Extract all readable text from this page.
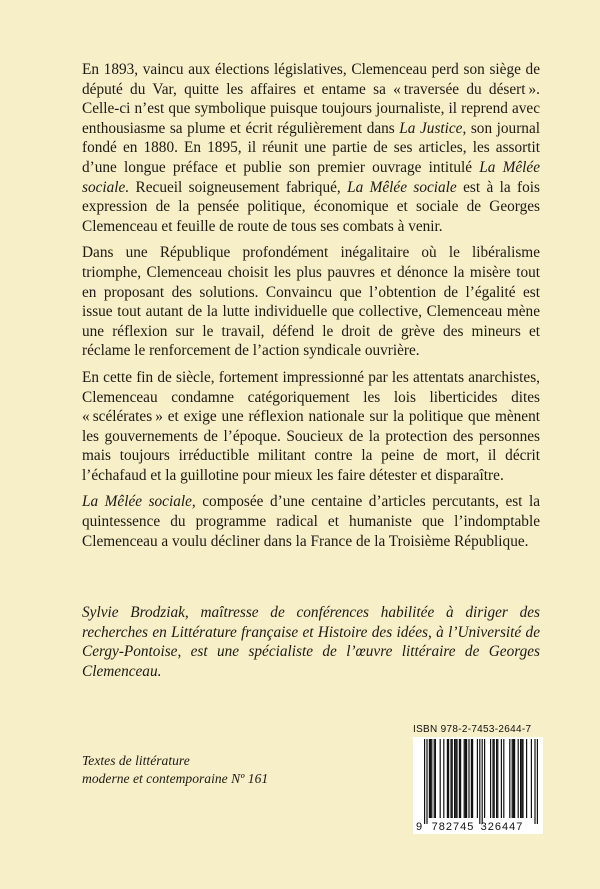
En 1893, vaincu aux élections législatives, Clemenceau perd son siège de député du Var, quitte les affaires et entame sa « traversée du désert ». Celle-ci n’est que symbolique puisque toujours journaliste, il reprend avec enthousiasme sa plume et écrit régulièrement dans La Justice, son journal fondé en 1880. En 1895, il réunit une partie de ses articles, les assortit d’une longue préface et publie son premier ouvrage intitulé La Mêlée sociale. Recueil soigneusement fabriqué, La Mêlée sociale est à la fois expression de la pensée politique, économique et sociale de Georges Clemenceau et feuille de route de tous ses combats à venir.

Dans une République profondément inégalitaire où le libéralisme triomphe, Clemenceau choisit les plus pauvres et dénonce la misère tout en proposant des solutions. Convaincu que l’obtention de l’égalité est issue tout autant de la lutte individuelle que collective, Clemenceau mène une réflexion sur le travail, défend le droit de grève des mineurs et réclame le renforcement de l’action syndicale ouvrière.

En cette fin de siècle, fortement impressionné par les attentats anarchistes, Clemenceau condamne catégoriquement les lois liberticides dites « scélérates » et exige une réflexion nationale sur la politique que mènent les gouvernements de l’époque. Soucieux de la protection des personnes mais toujours irréductible militant contre la peine de mort, il décrit l’échafaud et la guillotine pour mieux les faire détester et disparaître.

La Mêlée sociale, composée d’une centaine d’articles percutants, est la quintessence du programme radical et humaniste que l’indomptable Clemenceau a voulu décliner dans la France de la Troisième République.

Sylvie Brodziak, maîtresse de conférences habilitée à diriger des recherches en Littérature française et Histoire des idées, à l’Université de Cergy-Pontoise, est une spécialiste de l’œuvre littéraire de Georges Clemenceau.

Textes de littérature
moderne et contemporaine Nº 161

ISBN 978-2-7453-2644-7
9 782745 326447
